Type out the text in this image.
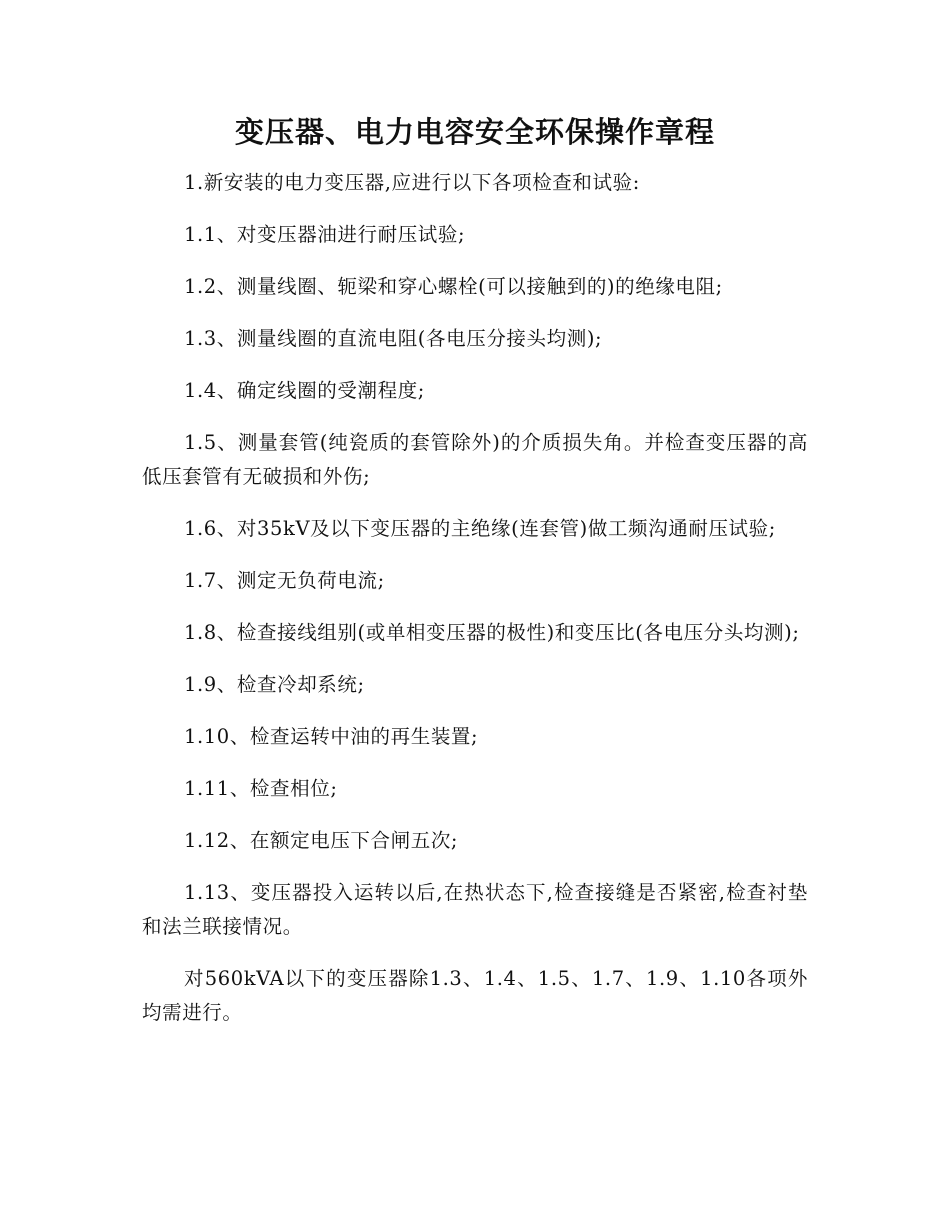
变压器、电力电容安全环保操作章程

1.新安装的电力变压器,应进行以下各项检查和试验:

1.1、对变压器油进行耐压试验;

1.2、测量线圈、轭梁和穿心螺栓(可以接触到的)的绝缘电阻;

1.3、测量线圈的直流电阻(各电压分接头均测);

1.4、确定线圈的受潮程度;

1.5、测量套管(纯瓷质的套管除外)的介质损失角。并检查变压器的高低压套管有无破损和外伤;

1.6、对35kV及以下变压器的主绝缘(连套管)做工频沟通耐压试验;

1.7、测定无负荷电流;

1.8、检查接线组别(或单相变压器的极性)和变压比(各电压分头均测);

1.9、检查冷却系统;

1.10、检查运转中油的再生装置;

1.11、检查相位;

1.12、在额定电压下合闸五次;

1.13、变压器投入运转以后,在热状态下,检查接缝是否紧密,检查衬垫和法兰联接情况。

对560kVA以下的变压器除1.3、1.4、1.5、1.7、1.9、1.10各项外均需进行。
